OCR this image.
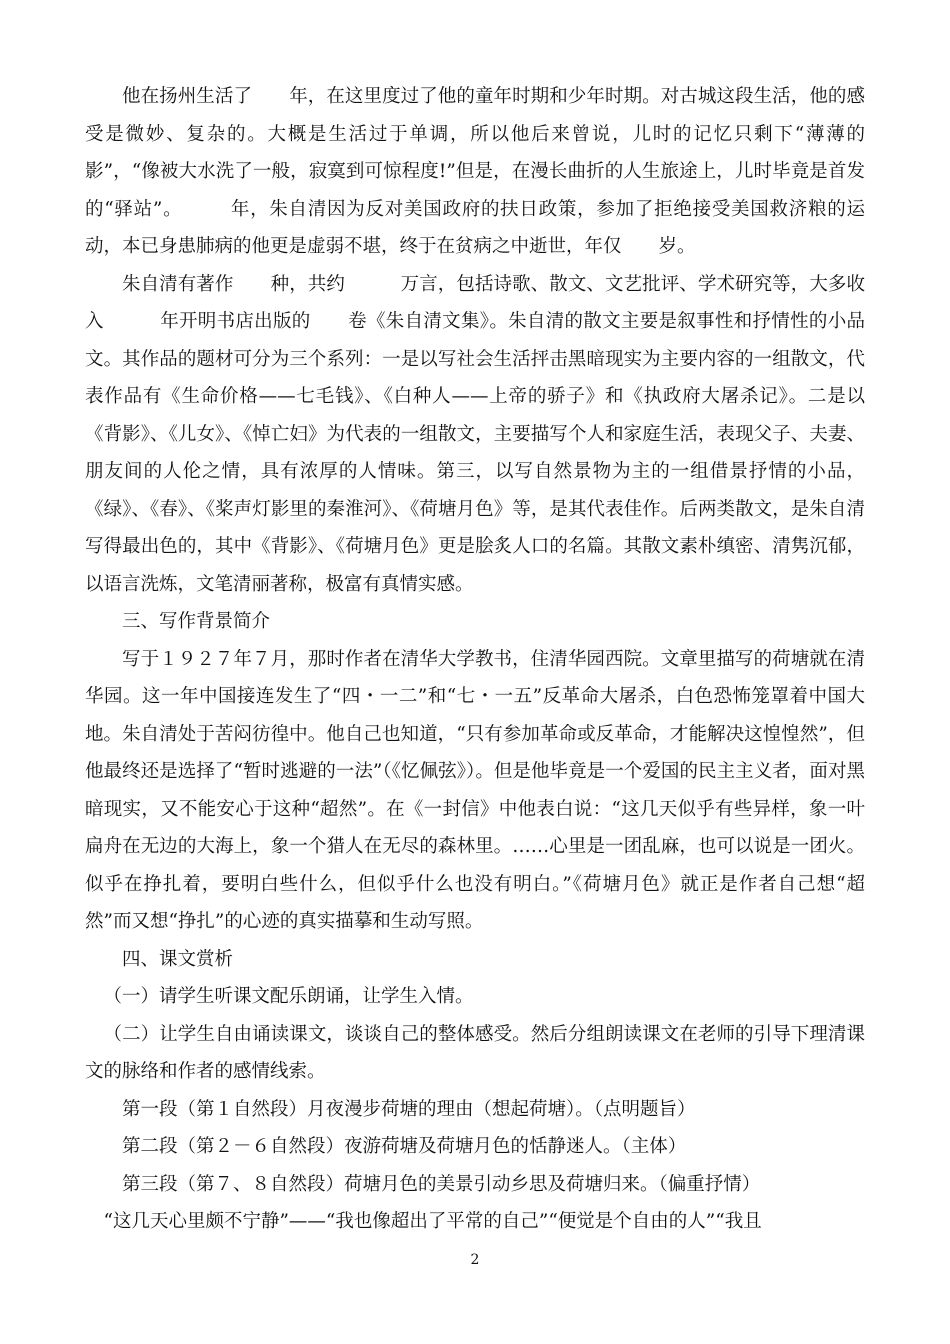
他在扬州生活了　　年，在这里度过了他的童年时期和少年时期。对古城这段生活，他的感受是微妙、复杂的。大概是生活过于单调，所以他后来曾说，儿时的记忆只剩下“薄薄的影”，“像被大水洗了一般，寂寞到可惊程度!”但是，在漫长曲折的人生旅途上，儿时毕竟是首发的“驿站”。　　　年，朱自清因为反对美国政府的扶日政策，参加了拒绝接受美国救济粮的运动，本已身患肺病的他更是虚弱不堪，终于在贫病之中逝世，年仅　　岁。

朱自清有著作　　种，共约　　　万言，包括诗歌、散文、文艺批评、学术研究等，大多收入　　　年开明书店出版的　　卷《朱自清文集》。朱自清的散文主要是叙事性和抒情性的小品文。其作品的题材可分为三个系列：一是以写社会生活抨击黑暗现实为主要内容的一组散文，代表作品有《生命价格——七毛钱》、《白种人——上帝的骄子》和《执政府大屠杀记》。二是以《背影》、《儿女》、《悼亡妇》为代表的一组散文，主要描写个人和家庭生活，表现父子、夫妻、朋友间的人伦之情，具有浓厚的人情味。第三，以写自然景物为主的一组借景抒情的小品，《绿》、《春》、《桨声灯影里的秦淮河》、《荷塘月色》等，是其代表佳作。后两类散文，是朱自清写得最出色的，其中《背影》、《荷塘月色》更是脍炙人口的名篇。其散文素朴缜密、清隽沉郁，以语言洗炼，文笔清丽著称，极富有真情实感。

三、写作背景简介

写于１９２７年７月，那时作者在清华大学教书，住清华园西院。文章里描写的荷塘就在清华园。这一年中国接连发生了“四・一二”和“七・一五”反革命大屠杀，白色恐怖笼罩着中国大地。朱自清处于苦闷彷徨中。他自己也知道，“只有参加革命或反革命，才能解决这惶惶然”，但他最终还是选择了“暂时逃避的一法”（《忆佩弦》）。但是他毕竟是一个爱国的民主主义者，面对黑暗现实，又不能安心于这种“超然”。在《一封信》中他表白说：“这几天似乎有些异样，象一叶扁舟在无边的大海上，象一个猎人在无尽的森林里。……心里是一团乱麻，也可以说是一团火。似乎在挣扎着，要明白些什么，但似乎什么也没有明白。”《荷塘月色》就正是作者自己想“超然”而又想“挣扎”的心迹的真实描摹和生动写照。

四、课文赏析

（一）请学生听课文配乐朗诵，让学生入情。

（二）让学生自由诵读课文，谈谈自己的整体感受。然后分组朗读课文在老师的引导下理清课文的脉络和作者的感情线索。

第一段（第１自然段）月夜漫步荷塘的理由（想起荷塘）。（点明题旨）

第二段（第２－６自然段）夜游荷塘及荷塘月色的恬静迷人。（主体）

第三段（第７、８自然段）荷塘月色的美景引动乡思及荷塘归来。（偏重抒情）

“这几天心里颇不宁静”——“我也像超出了平常的自己”“便觉是个自由的人”“我且

2
